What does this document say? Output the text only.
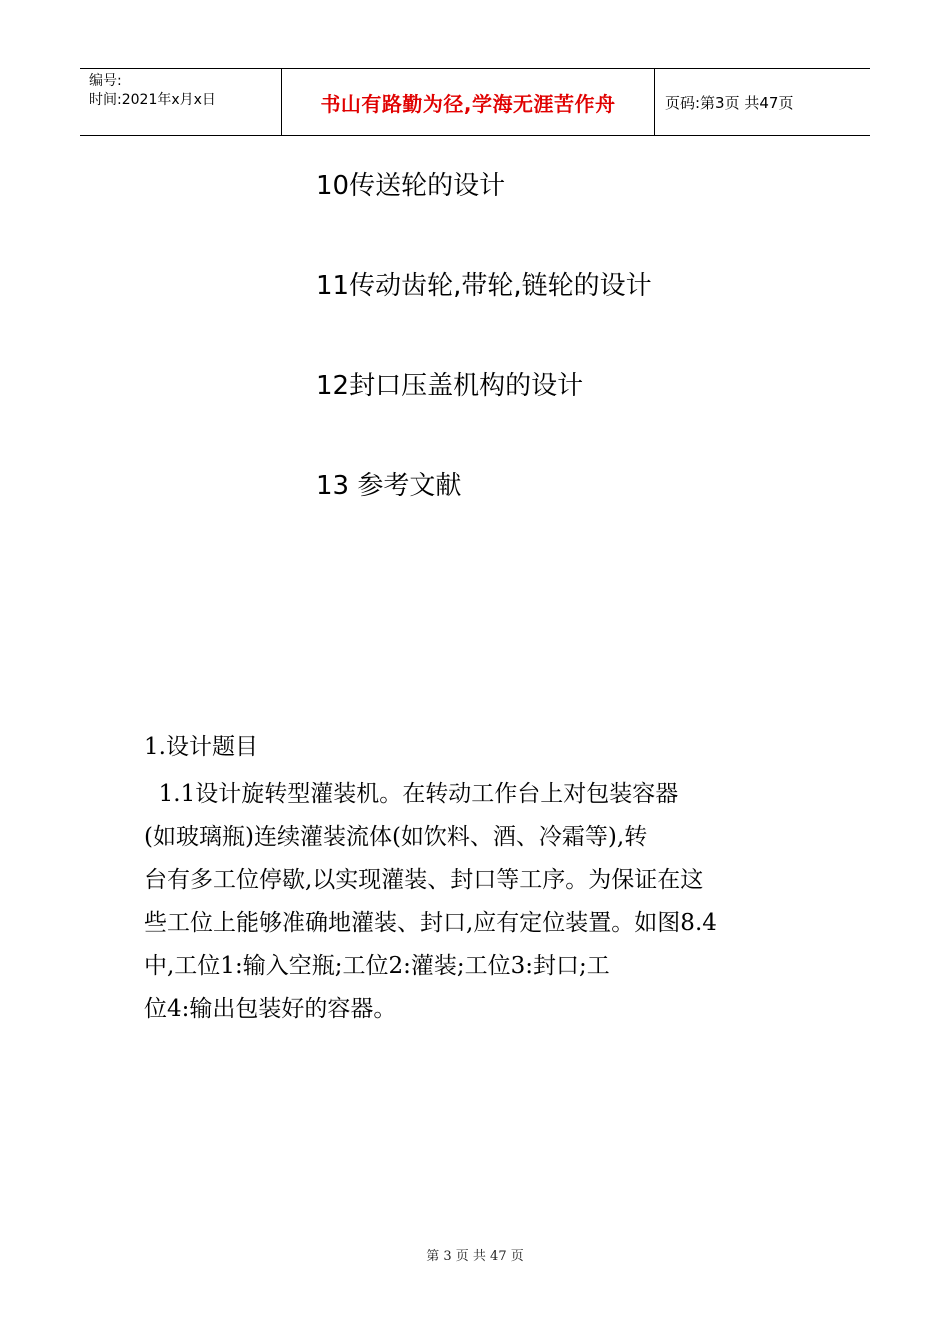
编号:
时间:2021年x月x日	书山有路勤为径,学海无涯苦作舟	页码:第3页 共47页
10传送轮的设计
11传动齿轮,带轮,链轮的设计
12封口压盖机构的设计
13 参考文献
1.设计题目
1.1设计旋转型灌装机。在转动工作台上对包装容器
(如玻璃瓶)连续灌装流体(如饮料、酒、冷霜等),转
台有多工位停歇,以实现灌装、封口等工序。为保证在这
些工位上能够准确地灌装、封口,应有定位装置。如图8.4
中,工位1:输入空瓶;工位2:灌装;工位3:封口;工
位4:输出包装好的容器。
第 3 页 共 47 页
